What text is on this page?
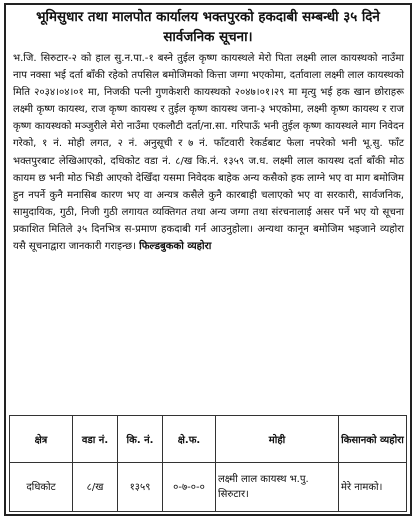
भूमिसुधार तथा मालपोत कार्यालय भक्तपुरको हकदाबी सम्बन्धी ३५ दिने सार्वजनिक सूचना।

भ.जि. सिरुटार-२ को हाल सु.न.पा.-१ बस्ने तुईल कृष्ण कायस्थले मेरो पिता लक्ष्मी लाल कायस्थको नाउँमा नाप नक्सा भई दर्ता बाँकी रहेको तपसिल बमोजिमको कित्ता जग्गा भएकोमा, दर्तावाला लक्ष्मी लाल कायस्थको मिति २०३४।०४।०१ मा, निजकी पत्नी गुणकेशरी कायस्थको २०४७।०१।२९ मा मृत्यु भई हक खान छोराहरू लक्ष्मी कृष्ण कायस्थ, राज कृष्ण कायस्थ र तुईल कृष्ण कायस्थ जना-३ भएकोमा, लक्ष्मी कृष्ण कायस्थ र राज कृष्ण कायस्थको मञ्जुरीले मेरो नाउँमा एकलौटी दर्ता/ना.सा. गरिपाऊँ भनी तुईल कृष्ण कायस्थले माग निवेदन गरेको, १ नं. मोही लगत, २ नं. अनुसूची र ७ नं. फाँटवारी रेकर्डबाट फेला नपरेको भनी भू.सु. फाँट भक्तपुरबाट लेखिआएको, दधिकोट वडा नं. ८/ख कि.नं. १३५९ ज.ध. लक्ष्मी लाल कायस्थ दर्ता बाँकी मोठ कायम छ भनी मोठ भिडी आएको देखिँदा यसमा निवेदक बाहेक अन्य कसैको हक लाग्ने भए वा माग बमोजिम हुन नपर्ने कुनै मनासिब कारण भए वा अन्यत्र कसैले कुनै कारबाही चलाएको भए वा सरकारी, सार्वजनिक, सामुदायिक, गुठी, निजी गुठी लगायत व्यक्तिगत तथा अन्य जग्गा तथा संरचनालाई असर पर्ने भए यो सूचना प्रकाशित मितिले ३५ दिनभित्र स-प्रमाण हकदाबी गर्न आउनुहोला। अन्यथा कानून बमोजिम भइजाने व्यहोरा यसै सूचनाद्वारा जानकारी गराइन्छ। फिल्डबुकको व्यहोरा

क्षेत्र	वडा नं.	कि. नं.	क्षे.फ.	मोही	किसानको व्यहोरा
दधिकोट	८/ख	१३५९	०-७-०-०	लक्ष्मी लाल कायस्थ भ.पु. सिरुटार।	मेरे नामको।
